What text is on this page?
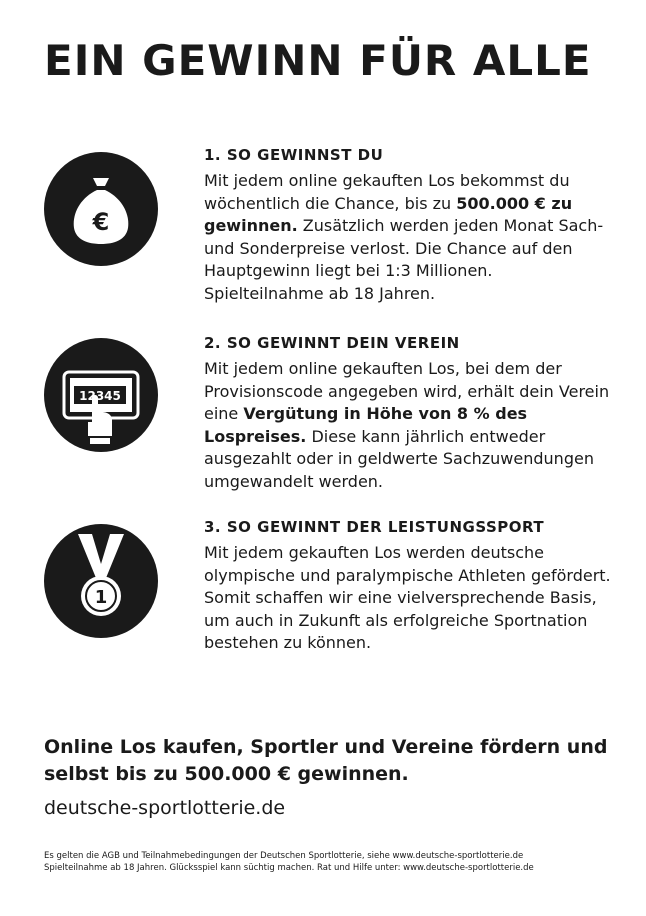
EIN GEWINN FÜR ALLE
€
1. SO GEWINNST DU

Mit jedem online gekauften Los bekommst du wöchentlich die Chance, bis zu 500.000 € zu gewinnen. Zusätzlich werden jeden Monat Sach- und Sonderpreise verlost. Die Chance auf den Hauptgewinn liegt bei 1:3 Millionen. Spielteilnahme ab 18 Jahren.

12345
2. SO GEWINNT DEIN VEREIN

Mit jedem online gekauften Los, bei dem der Provisionscode angegeben wird, erhält dein Verein eine Vergütung in Höhe von 8 % des Lospreises. Diese kann jährlich entweder ausgezahlt oder in geldwerte Sachzuwendungen umgewandelt werden.

1
3. SO GEWINNT DER LEISTUNGSSPORT

Mit jedem gekauften Los werden deutsche olympische und paralympische Athleten gefördert. Somit schaffen wir eine vielversprechende Basis, um auch in Zukunft als erfolgreiche Sportnation bestehen zu können.

Online Los kaufen, Sportler und Vereine fördern und selbst bis zu 500.000 € gewinnen.

deutsche-sportlotterie.de

Es gelten die AGB und Teilnahmebedingungen der Deutschen Sportlotterie, siehe www.deutsche-sportlotterie.de
Spielteilnahme ab 18 Jahren. Glücksspiel kann süchtig machen. Rat und Hilfe unter: www.deutsche-sportlotterie.de
